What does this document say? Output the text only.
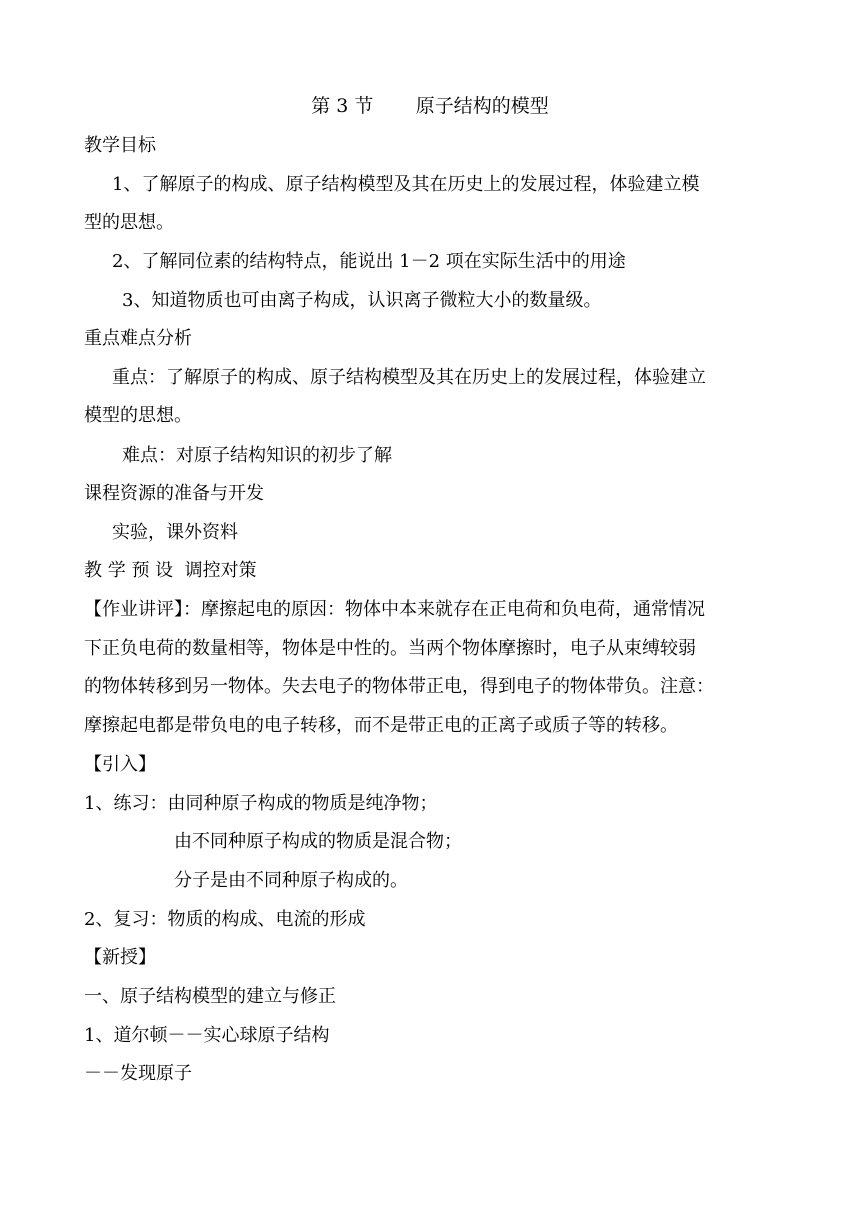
第 3 节       原子结构的模型
教学目标
1、了解原子的构成、原子结构模型及其在历史上的发展过程，体验建立模
型的思想。
2、了解同位素的结构特点，能说出 1－2 项在实际生活中的用途
3、知道物质也可由离子构成，认识离子微粒大小的数量级。
重点难点分析
重点：了解原子的构成、原子结构模型及其在历史上的发展过程，体验建立
模型的思想。
难点：对原子结构知识的初步了解
课程资源的准备与开发
实验，课外资料
教 学 预 设  调控对策
【作业讲评】：摩擦起电的原因：物体中本来就存在正电荷和负电荷，通常情况
下正负电荷的数量相等，物体是中性的。当两个物体摩擦时，电子从束缚较弱
的物体转移到另一物体。失去电子的物体带正电，得到电子的物体带负。注意：
摩擦起电都是带负电的电子转移，而不是带正电的正离子或质子等的转移。
【引入】
1、练习：由同种原子构成的物质是纯净物；
由不同种原子构成的物质是混合物；
分子是由不同种原子构成的。
2、复习：物质的构成、电流的形成
【新授】
一、原子结构模型的建立与修正
1、道尔顿－－实心球原子结构
－－发现原子
